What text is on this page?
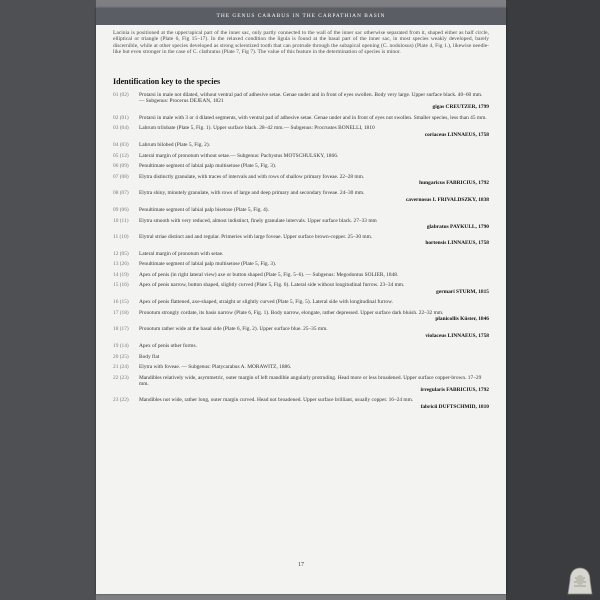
THE GENUS CARABUS IN THE CARPATHIAN BASIN
Lacinia is positioned at the upper/apical part of the inner sac, only partly connected to the wall of the inner sac otherwise separated from it, shaped either as half circle, elliptical or triangle (Plate 6, Fig 15–17). In the relaxed condition the ligula is found at the basal part of the inner sac, in most species weakly developed, barely discernible, while at other species developed as strong sclerotized tooth that can protrude through the subapical opening (C. nodulosus) (Plate 4, Fig 1.), likewise needle-like but even stronger in the case of C. clathratus (Plate 7, Fig 7). The value of this feature in the determination of species is minor.
Identification key to the species
01 (02)	Protarsi in male not dilated, without ventral pad of adhesive setae. Genae under and in front of eyes swollen. Body very large. Upper surface black. 40–60 mm. — Subgenus: Procerus DEJEAN, 1821
gigas CREUTZER, 1799
02 (01)	Protarsi in male with 3 or 4 dilated segments, with ventral pad of adhesive setae. Genae under and in front of eyes not swollen. Smaller species, less than 45 mm.
03 (04)	Labrum trilobate (Plate 5, Fig. 1). Upper surface black. 28–42 mm.— Subgenus: Procrustes BONELLI, 1810
coriaceus LINNAEUS, 1758
04 (03)	Labrum bilobed (Plate 5, Fig. 2).
05 (12)	Lateral margin of pronotum without setae.— Subgenus: Pachystus MOTSCHULSKY, 1866.
06 (09)	Penultimate segment of labial palp multisetose (Plate 5, Fig. 3).
07 (08)	Elytra distinctly granulate, with traces of intervals and with rows of shallow primary foveae. 22–28 mm.
hungaricus FABRICIUS, 1792
08 (07)	Elytra shiny, minutely granulate, with rows of large and deep primary and secondary foveae. 24–30 mm.
cavernosus I. FRIVALDSZKY, 1838
09 (06)	Penultimate segment of labial palp bisetose (Plate 5, Fig. 4).
10 (11)	Elytra smooth with very reduced, almost indistinct, finely granulate intervals. Upper surface black. 27–33 mm
glabratus PAYKULL, 1790
11 (10)	Elytral striae distinct and and regular. Primeries with large foveae. Upper surface brown-copper. 25–30 mm.
hortensis LINNAEUS, 1758
12 (05)	Lateral margin of pronotum with setae.
13 (26)	Penultimate segment of labial palp multisetose (Plate 5, Fig. 3).
14 (19)	Apex of penis (in right lateral view) axe or button shaped (Plate 5, Fig. 5–6). — Subgenus: Megodontus SOLIER, 1848.
15 (16)	Apex of penis narrow, button shaped, slightly curved (Plate 5, Fig. 6). Lateral side without longitudinal furrow. 23–34 mm.
germari STURM, 1815
16 (15)	Apex of penis flattened, axe-shaped, straight or slightly curved (Plate 5, Fig. 5). Lateral side with longitudinal furrow.
17 (18)	Pronotum strongly cordate, its basis narrow (Plate 6, Fig. 1). Body narrow, elongate, rather depressed. Upper surface dark bluish. 22–32 mm.
planicollis Küster, 1846
18 (17)	Pronotum rather wide at the basal side (Plate 6, Fig. 2). Upper surface blue. 25–35 mm.
violaceus LINNAEUS, 1758
19 (14)	Apex of penis other forms.
20 (25)	Body flat
21 (24)	Elytra with foveae. — Subgenus: Platycarabus A. MORAWITZ, 1886.
22 (23)	Mandibles relatively wide, asymmetric, outer margin of left mandible angularly protruding. Head more or less broadened. Upper surface copper-brown. 17–29 mm.
irregularis FABRICIUS, 1792
23 (22)	Mandibles not wide, rather long, outer margin curved. Head not broadened. Upper surface brilliant, usually copper. 16–24 mm.
fabricii DUFTSCHMID, 1810
17
